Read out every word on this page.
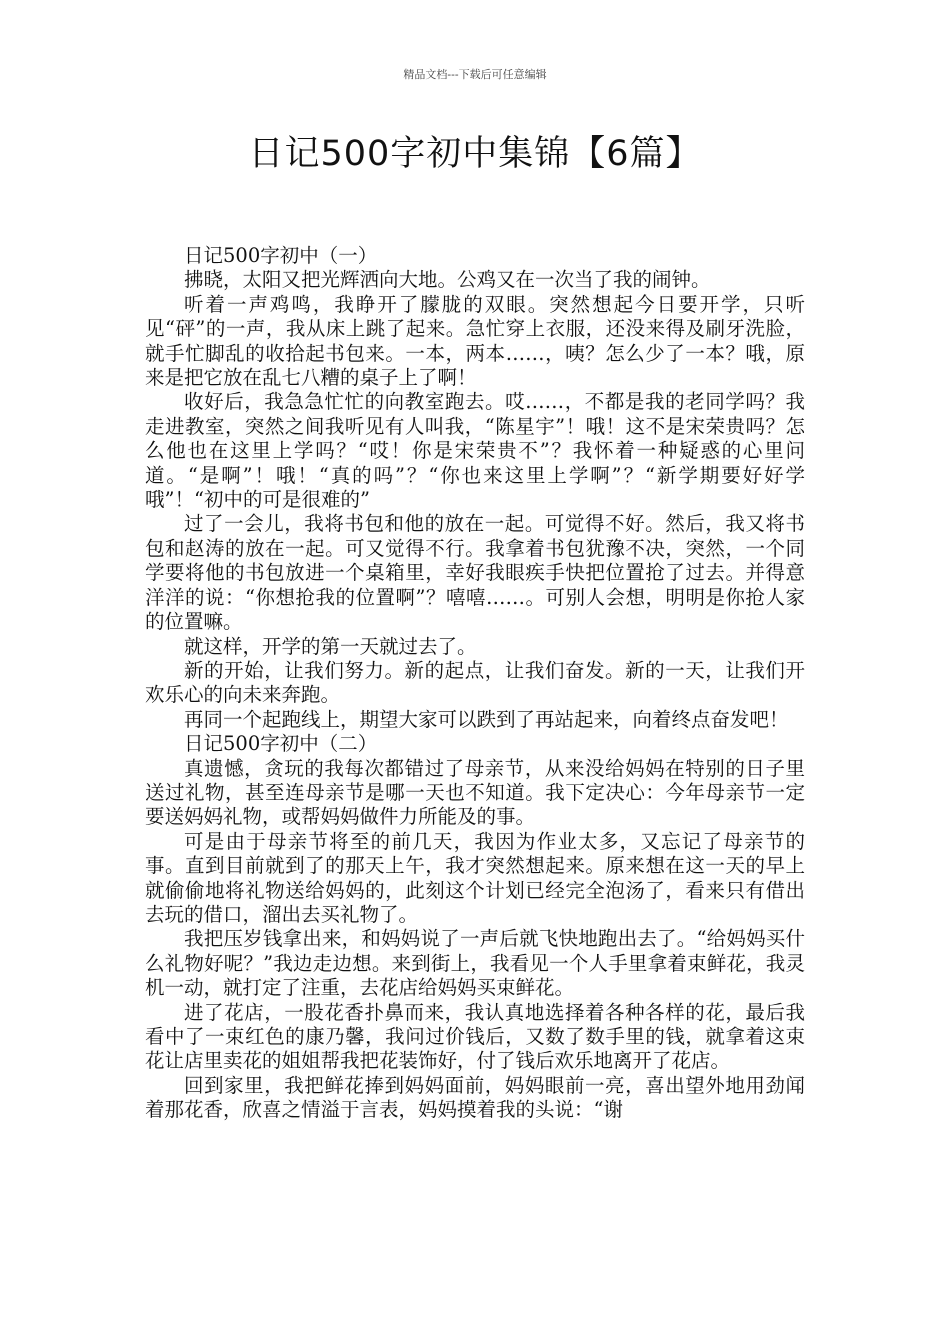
精品文档---下载后可任意编辑
日记500字初中集锦【6篇】

日记500字初中（一）

拂晓，太阳又把光辉洒向大地。公鸡又在一次当了我的闹钟。

听着一声鸡鸣，我睁开了朦胧的双眼。突然想起今日要开学，只听见“砰”的一声，我从床上跳了起来。急忙穿上衣服，还没来得及刷牙洗脸，就手忙脚乱的收拾起书包来。一本，两本……，咦？怎么少了一本？哦，原来是把它放在乱七八糟的桌子上了啊！

收好后，我急急忙忙的向教室跑去。哎……，不都是我的老同学吗？我走进教室，突然之间我听见有人叫我，“陈星宇”！哦！这不是宋荣贵吗？怎么他也在这里上学吗？“哎！你是宋荣贵不”？我怀着一种疑惑的心里问道。“是啊”！哦！“真的吗”？“你也来这里上学啊”？“新学期要好好学哦”！“初中的可是很难的”

过了一会儿，我将书包和他的放在一起。可觉得不好。然后，我又将书包和赵涛的放在一起。可又觉得不行。我拿着书包犹豫不决，突然，一个同学要将他的书包放进一个桌箱里，幸好我眼疾手快把位置抢了过去。并得意洋洋的说：“你想抢我的位置啊”？嘻嘻……。可别人会想，明明是你抢人家的位置嘛。

就这样，开学的第一天就过去了。

新的开始，让我们努力。新的起点，让我们奋发。新的一天，让我们开欢乐心的向未来奔跑。

再同一个起跑线上，期望大家可以跌到了再站起来，向着终点奋发吧！

日记500字初中（二）

真遗憾，贪玩的我每次都错过了母亲节，从来没给妈妈在特别的日子里送过礼物，甚至连母亲节是哪一天也不知道。我下定决心：今年母亲节一定要送妈妈礼物，或帮妈妈做件力所能及的事。

可是由于母亲节将至的前几天，我因为作业太多，又忘记了母亲节的事。直到目前就到了的那天上午，我才突然想起来。原来想在这一天的早上就偷偷地将礼物送给妈妈的，此刻这个计划已经完全泡汤了，看来只有借出去玩的借口，溜出去买礼物了。

我把压岁钱拿出来，和妈妈说了一声后就飞快地跑出去了。“给妈妈买什么礼物好呢？”我边走边想。来到街上，我看见一个人手里拿着束鲜花，我灵机一动，就打定了注重，去花店给妈妈买束鲜花。

进了花店，一股花香扑鼻而来，我认真地选择着各种各样的花，最后我看中了一束红色的康乃馨，我问过价钱后，又数了数手里的钱，就拿着这束花让店里卖花的姐姐帮我把花装饰好，付了钱后欢乐地离开了花店。

回到家里，我把鲜花捧到妈妈面前，妈妈眼前一亮，喜出望外地用劲闻着那花香，欣喜之情溢于言表，妈妈摸着我的头说：“谢
